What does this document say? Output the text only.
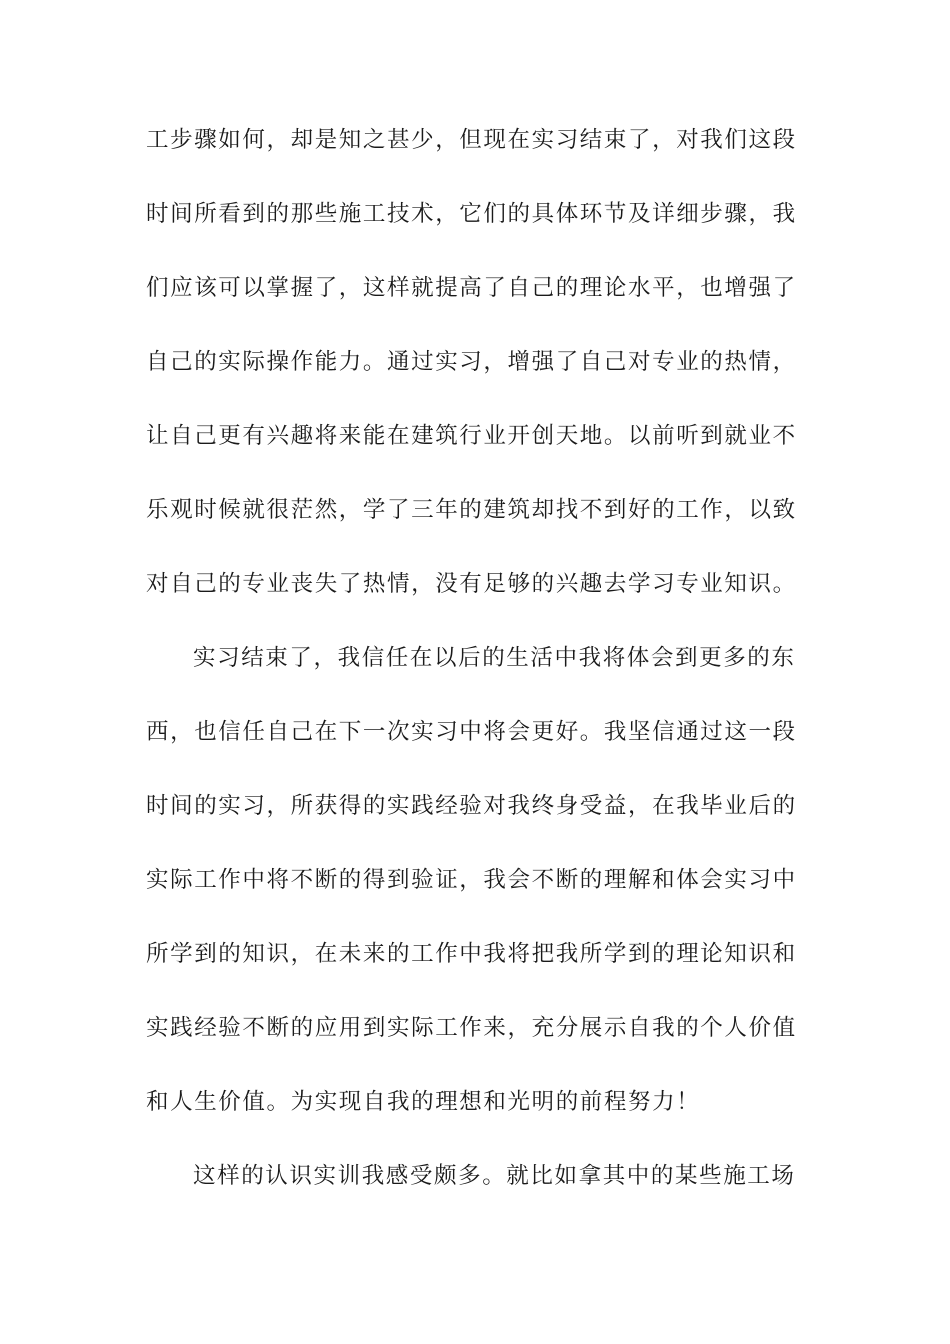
工步骤如何，却是知之甚少，但现在实习结束了，对我们这段
时间所看到的那些施工技术，它们的具体环节及详细步骤，我
们应该可以掌握了，这样就提高了自己的理论水平，也增强了
自己的实际操作能力。通过实习，增强了自己对专业的热情，
让自己更有兴趣将来能在建筑行业开创天地。以前听到就业不
乐观时候就很茫然，学了三年的建筑却找不到好的工作，以致
对自己的专业丧失了热情，没有足够的兴趣去学习专业知识。
实习结束了，我信任在以后的生活中我将体会到更多的东
西，也信任自己在下一次实习中将会更好。我坚信通过这一段
时间的实习，所获得的实践经验对我终身受益，在我毕业后的
实际工作中将不断的得到验证，我会不断的理解和体会实习中
所学到的知识，在未来的工作中我将把我所学到的理论知识和
实践经验不断的应用到实际工作来，充分展示自我的个人价值
和人生价值。为实现自我的理想和光明的前程努力！
这样的认识实训我感受颇多。就比如拿其中的某些施工场
